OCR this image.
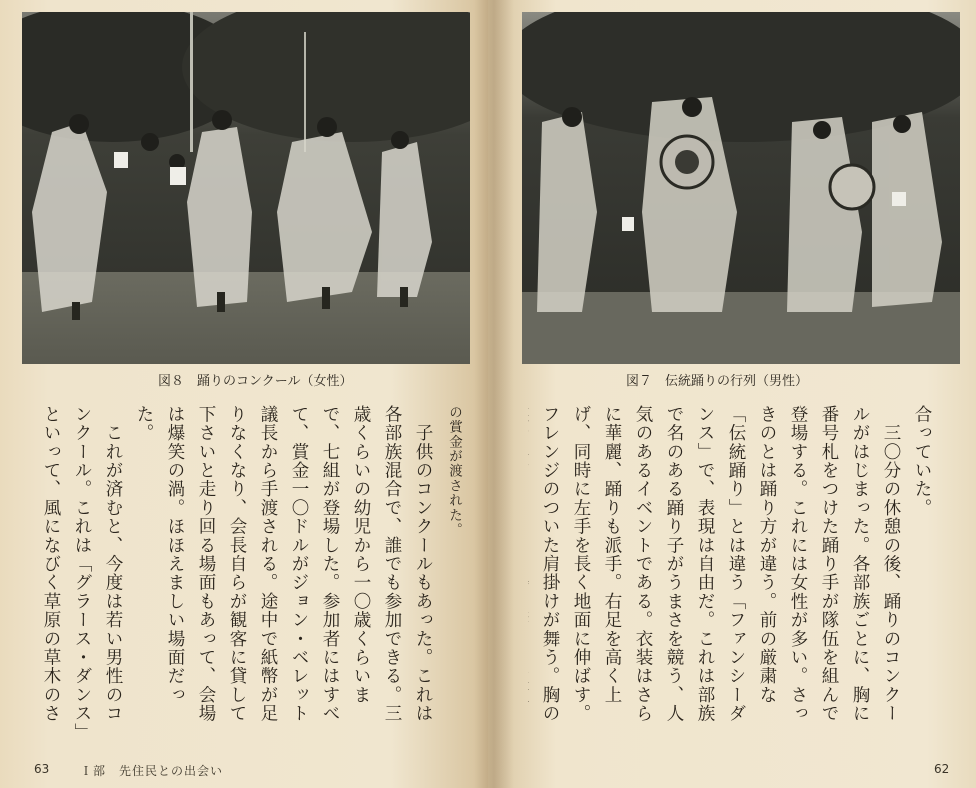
図８　踊りのコンクール（女性）

の賞金が渡された。
　子供のコンクールもあった。これは各部族混合で、誰でも参加できる。三歳くらいの幼児から一〇歳くらいまで、七組が登場した。参加者にはすべて、賞金一〇ドルがジョン・ベレット議長から手渡される。途中で紙幣が足りなくなり、会長自らが観客に貸して下さいと走り回る場面もあって、会場は爆笑の渦。ほほえましい場面だった。
　これが済むと、今度は若い男性のコンクール。これは「グラース・ダンス」といって、風になびく草原の草木のさ

63	Ｉ部　先住民との出会い
図７　伝統踊りの行列（男性）

合っていた。
　三〇分の休憩の後、踊りのコンクールがはじまった。各部族ごとに、胸に番号札をつけた踊り手が隊伍を組んで登場する。これには女性が多い。さっきのとは踊り方が違う。前の厳粛な「伝統踊り」とは違う「ファンシーダンス」で、表現は自由だ。これは部族で名のある踊り子がうまさを競う、人気のあるイベントである。衣装はさらに華麗、踊りも派手。右足を高く上げ、同時に左手を長く地面に伸ばす。フレンジのついた肩掛けが舞う。胸の

62
